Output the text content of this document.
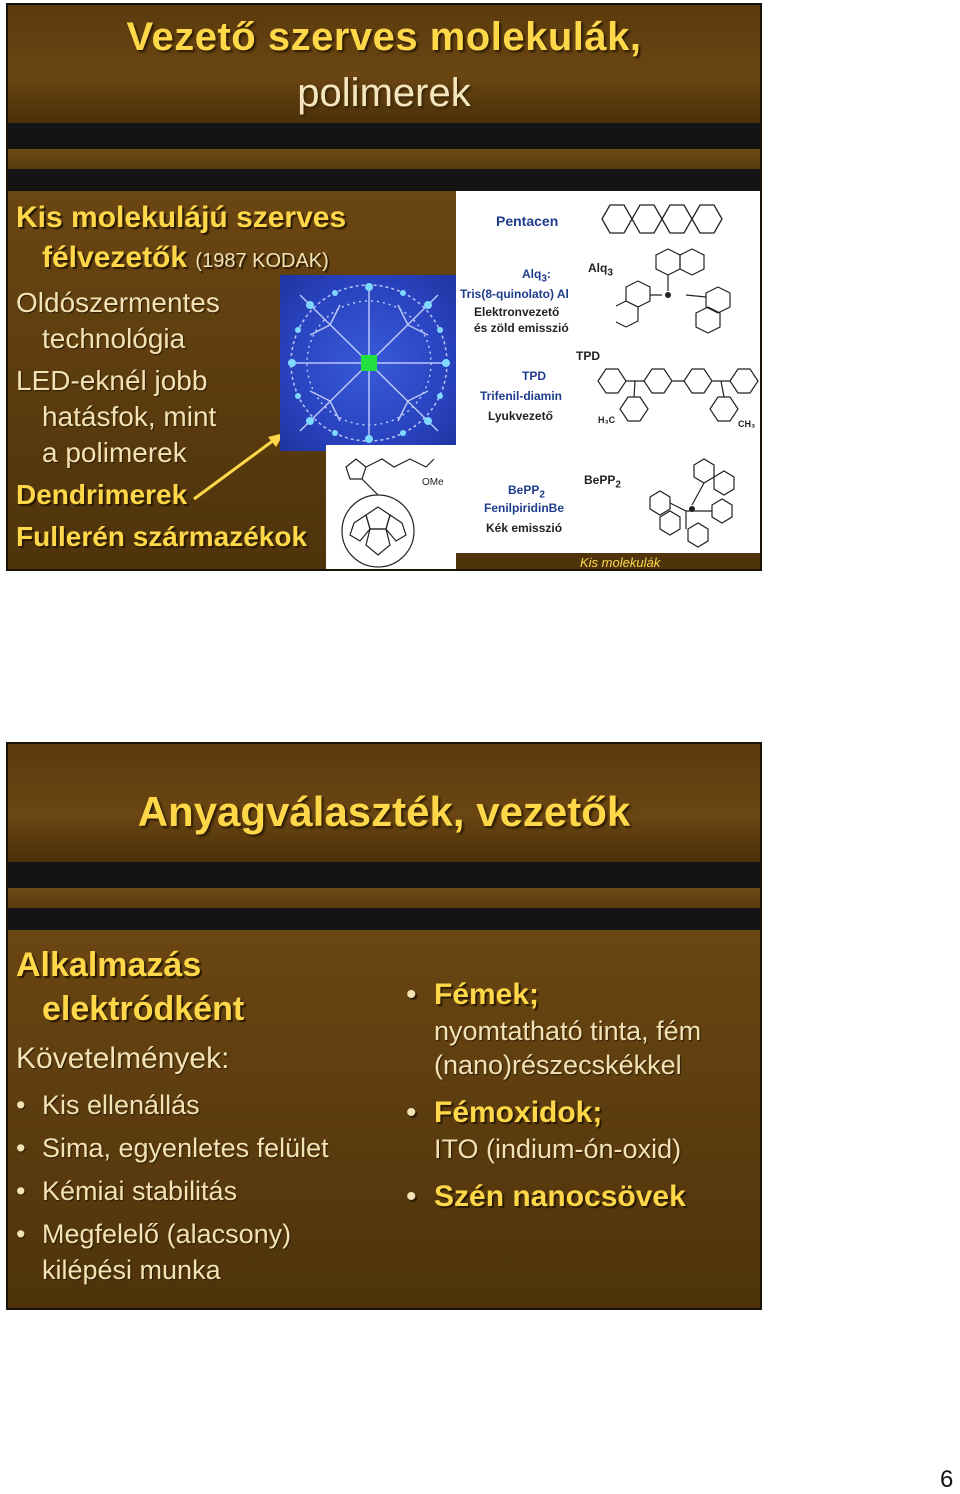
Vezető szerves molekulák,
polimerek
Kis molekulájú szerves
félvezetők (1987 KODAK)
Oldószermentes
technológia
LED-eknél jobb
hatásfok, mint
a polimerek
Dendrimerek
Fullerén származékok
OMe
Pentacen
Alq$_3$:	Alq$_3$
Tris(8-quinolato) Al
Elektronvezető
és zöld emisszió
TPD
TPD
Trifenil-diamin
Lyukvezető	H₃C	CH₃
BePP$_2$
FenilpiridinBe
Kék emisszió
BePP$_2$
Kis molekulák
Anyagválaszték, vezetők
Alkalmazás
elektródként
Követelmények:
• Kis ellenállás
• Sima, egyenletes felület
• Kémiai stabilitás
• Megfelelő (alacsony)
kilépési munka
• Fémek;
nyomtatható tinta, fém
(nano)részecskékkel
• Fémoxidok;
ITO (indium-ón-oxid)
• Szén nanocsövek
6
